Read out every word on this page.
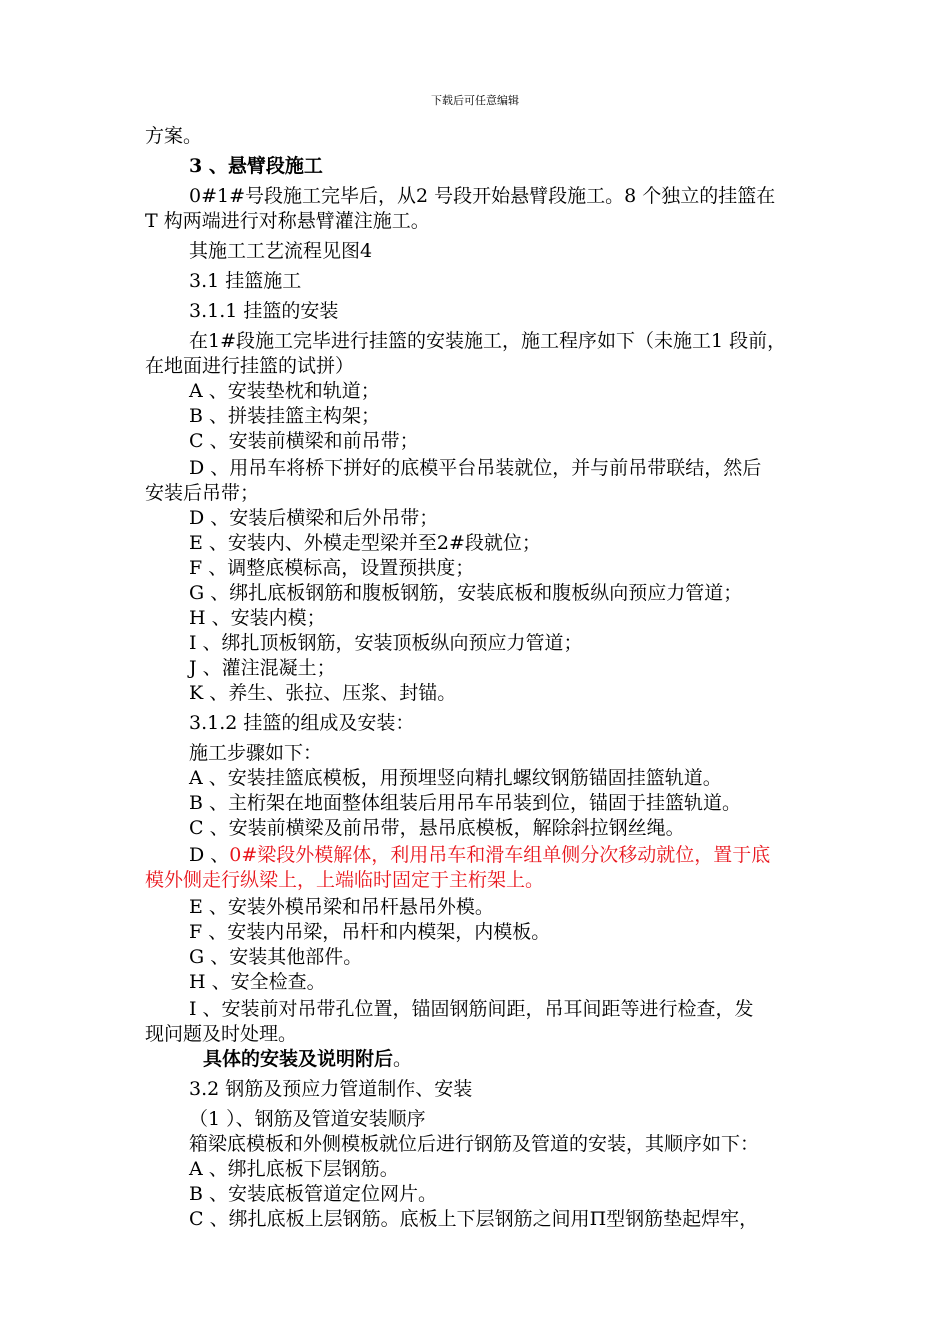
下载后可任意编辑

方案。

3 、悬臂段施工

0#1#号段施工完毕后，从2 号段开始悬臂段施工。8 个独立的挂篮在

T 构两端进行对称悬臂灌注施工。

其施工工艺流程见图4

3.1 挂篮施工

3.1.1 挂篮的安装

在1#段施工完毕进行挂篮的安装施工，施工程序如下（未施工1 段前，

在地面进行挂篮的试拼）

A 、安装垫枕和轨道；

B 、拼装挂篮主构架；

C 、安装前横梁和前吊带；

D 、用吊车将桥下拼好的底模平台吊装就位，并与前吊带联结，然后

安装后吊带；

D 、安装后横梁和后外吊带；

E 、安装内、外模走型梁并至2#段就位；

F 、调整底模标高，设置预拱度；

G 、绑扎底板钢筋和腹板钢筋，安装底板和腹板纵向预应力管道；

H 、安装内模；

I 、绑扎顶板钢筋，安装顶板纵向预应力管道；

J 、灌注混凝土；

K 、养生、张拉、压浆、封锚。

3.1.2 挂篮的组成及安装：

施工步骤如下：

A 、安装挂篮底模板，用预埋竖向精扎螺纹钢筋锚固挂篮轨道。

B 、主桁架在地面整体组装后用吊车吊装到位，锚固于挂篮轨道。

C 、安装前横梁及前吊带，悬吊底模板，解除斜拉钢丝绳。

D 、0#梁段外模解体，利用吊车和滑车组单侧分次移动就位，置于底

模外侧走行纵梁上，上端临时固定于主桁架上。

E 、安装外模吊梁和吊杆悬吊外模。

F 、安装内吊梁，吊杆和内模架，内模板。

G 、安装其他部件。

H 、安全检查。

I 、安装前对吊带孔位置，锚固钢筋间距，吊耳间距等进行检查，发

现问题及时处理。

具体的安装及说明附后。

3.2 钢筋及预应力管道制作、安装

（1 ）、钢筋及管道安装顺序

箱梁底模板和外侧模板就位后进行钢筋及管道的安装，其顺序如下：

A 、绑扎底板下层钢筋。

B 、安装底板管道定位网片。

C 、绑扎底板上层钢筋。底板上下层钢筋之间用Π型钢筋垫起焊牢，
